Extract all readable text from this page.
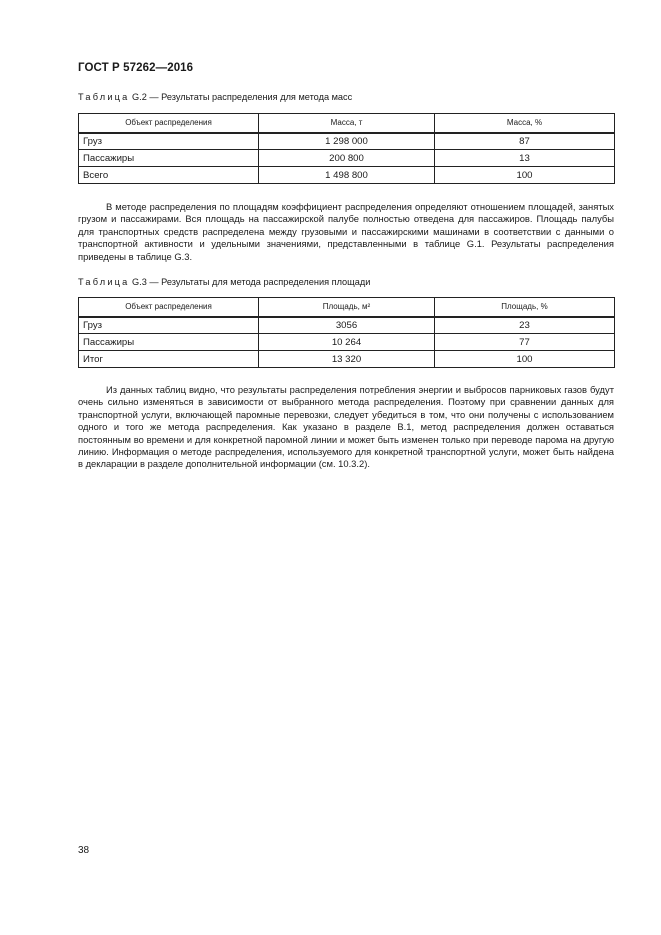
ГОСТ Р 57262—2016
Таблица G.2 — Результаты распределения для метода масс
Объект распределения	Масса, т	Масса, %
Груз	1 298 000	87
Пассажиры	200 800	13
Всего	1 498 800	100

В методе распределения по площадям коэффициент распределения определяют отношением площадей, занятых грузом и пассажирами. Вся площадь на пассажирской палубе полностью отведена для пассажиров. Площадь палубы для транспортных средств распределена между грузовыми и пассажирскими машинами в соответствии с данными о транспортной активности и удельными значениями, представленными в таблице G.1. Результаты распределения приведены в таблице G.3.

Таблица G.3 — Результаты для метода распределения площади
Объект распределения	Площадь, м²	Площадь, %
Груз	3056	23
Пассажиры	10 264	77
Итог	13 320	100

Из данных таблиц видно, что результаты распределения потребления энергии и выбросов парниковых газов будут очень сильно изменяться в зависимости от выбранного метода распределения. Поэтому при сравнении данных для транспортной услуги, включающей паромные перевозки, следует убедиться в том, что они получены с использованием одного и того же метода распределения. Как указано в разделе В.1, метод распределения должен оставаться постоянным во времени и для конкретной паромной линии и может быть изменен только при переводе парома на другую линию. Информация о методе распределения, используемого для конкретной транспортной услуги, может быть найдена в декларации в разделе дополнительной информации (см. 10.3.2).

38
